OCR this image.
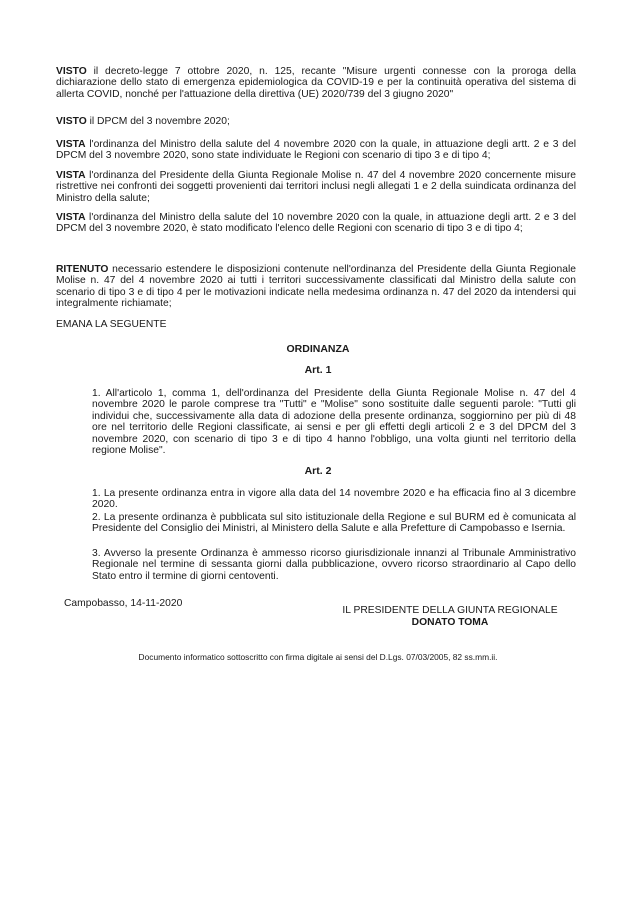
VISTO il decreto-legge 7 ottobre 2020, n. 125, recante "Misure urgenti connesse con la proroga della dichiarazione dello stato di emergenza epidemiologica da COVID-19 e per la continuità operativa del sistema di allerta COVID, nonché per l'attuazione della direttiva (UE) 2020/739 del 3 giugno 2020"

VISTO il DPCM del 3 novembre 2020;

VISTA l'ordinanza del Ministro della salute del 4 novembre 2020 con la quale, in attuazione degli artt. 2 e 3 del DPCM del 3 novembre 2020, sono state individuate le Regioni con scenario di tipo 3 e di tipo 4;

VISTA l'ordinanza del Presidente della Giunta Regionale Molise n. 47 del 4 novembre 2020 concernente misure ristrettive nei confronti dei soggetti provenienti dai territori inclusi negli allegati 1 e 2 della suindicata ordinanza del Ministro della salute;

VISTA l'ordinanza del Ministro della salute del 10 novembre 2020 con la quale, in attuazione degli artt. 2 e 3 del DPCM del 3 novembre 2020, è stato modificato l'elenco delle Regioni con scenario di tipo 3 e di tipo 4;

RITENUTO necessario estendere le disposizioni contenute nell'ordinanza del Presidente della Giunta Regionale Molise n. 47 del 4 novembre 2020 ai tutti i territori successivamente classificati dal Ministro della salute con scenario di tipo 3 e di tipo 4 per le motivazioni indicate nella medesima ordinanza n. 47 del 2020 da intendersi qui integralmente richiamate;

EMANA LA SEGUENTE

ORDINANZA

Art. 1

1. All'articolo 1, comma 1, dell'ordinanza del Presidente della Giunta Regionale Molise n. 47 del 4 novembre 2020 le parole comprese tra "Tutti" e "Molise" sono sostituite dalle seguenti parole: "Tutti gli individui che, successivamente alla data di adozione della presente ordinanza, soggiornino per più di 48 ore nel territorio delle Regioni classificate, ai sensi e per gli effetti degli articoli 2 e 3 del DPCM del 3 novembre 2020, con scenario di tipo 3 e di tipo 4 hanno l'obbligo, una volta giunti nel territorio della regione Molise".

Art. 2

1. La presente ordinanza entra in vigore alla data del 14 novembre 2020 e ha efficacia fino al 3 dicembre 2020.

2. La presente ordinanza è pubblicata sul sito istituzionale della Regione e sul BURM ed è comunicata al Presidente del Consiglio dei Ministri, al Ministero della Salute e alla Prefetture di Campobasso e Isernia.

3. Avverso la presente Ordinanza è ammesso ricorso giurisdizionale innanzi al Tribunale Amministrativo Regionale nel termine di sessanta giorni dalla pubblicazione, ovvero ricorso straordinario al Capo dello Stato entro il termine di giorni centoventi.

Campobasso, 14-11-2020

IL PRESIDENTE DELLA GIUNTA REGIONALE

DONATO TOMA

Documento informatico sottoscritto con firma digitale ai sensi del D.Lgs. 07/03/2005, 82 ss.mm.ii.
